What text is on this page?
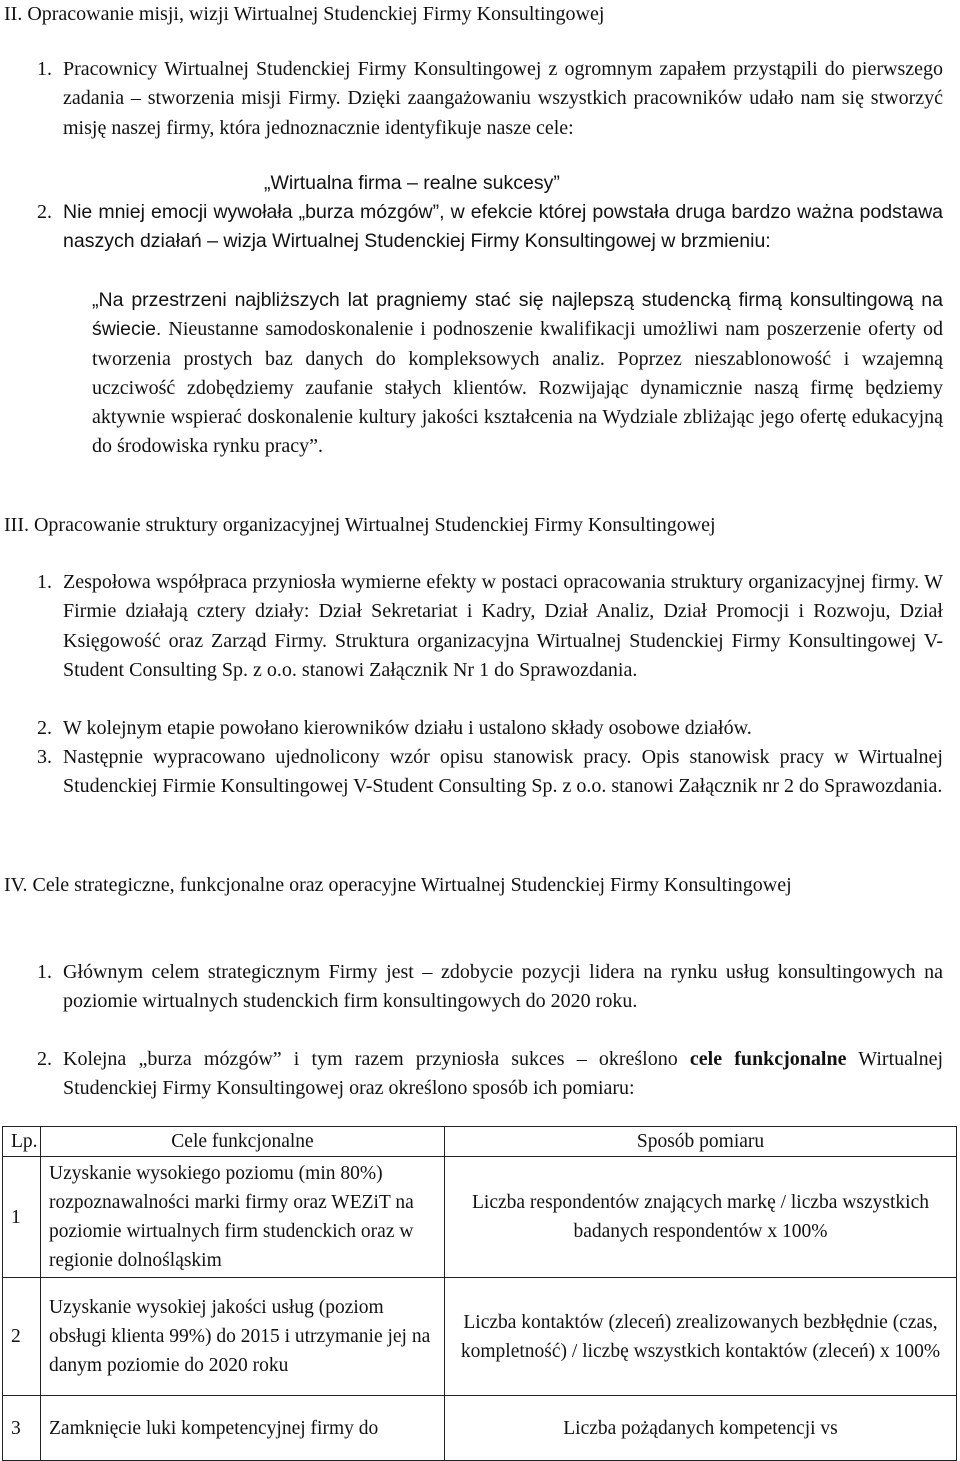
II. Opracowanie misji, wizji Wirtualnej Studenckiej Firmy Konsultingowej
1. Pracownicy Wirtualnej Studenckiej Firmy Konsultingowej z ogromnym zapałem przystąpili do pierwszego zadania – stworzenia misji Firmy. Dzięki zaangażowaniu wszystkich pracowników udało nam się stworzyć misję naszej firmy, która jednoznacznie identyfikuje nasze cele:
„Wirtualna firma – realne sukcesy”
2. Nie mniej emocji wywołała „burza mózgów”, w efekcie której powstała druga bardzo ważna podstawa naszych działań – wizja Wirtualnej Studenckiej Firmy Konsultingowej w brzmieniu:
„Na przestrzeni najbliższych lat pragniemy stać się najlepszą studencką firmą konsultingową na świecie. Nieustanne samodoskonalenie i podnoszenie kwalifikacji umożliwi nam poszerzenie oferty od tworzenia prostych baz danych do kompleksowych analiz. Poprzez nieszablonowość i wzajemną uczciwość zdobędziemy zaufanie stałych klientów. Rozwijając dynamicznie naszą firmę będziemy aktywnie wspierać doskonalenie kultury jakości kształcenia na Wydziale zbliżając jego ofertę edukacyjną do środowiska rynku pracy”.
III. Opracowanie struktury organizacyjnej Wirtualnej Studenckiej Firmy Konsultingowej
1. Zespołowa współpraca przyniosła wymierne efekty w postaci opracowania struktury organizacyjnej firmy. W Firmie działają cztery działy: Dział Sekretariat i Kadry, Dział Analiz, Dział Promocji i Rozwoju, Dział Księgowość oraz Zarząd Firmy. Struktura organizacyjna Wirtualnej Studenckiej Firmy Konsultingowej V-Student Consulting Sp. z o.o. stanowi Załącznik Nr 1 do Sprawozdania.
2. W kolejnym etapie powołano kierowników działu i ustalono składy osobowe działów.
3. Następnie wypracowano ujednolicony wzór opisu stanowisk pracy. Opis stanowisk pracy w Wirtualnej Studenckiej Firmie Konsultingowej V-Student Consulting Sp. z o.o. stanowi Załącznik nr 2 do Sprawozdania.
IV. Cele strategiczne, funkcjonalne oraz operacyjne Wirtualnej Studenckiej Firmy Konsultingowej
1. Głównym celem strategicznym Firmy jest – zdobycie pozycji lidera na rynku usług konsultingowych na poziomie wirtualnych studenckich firm konsultingowych do 2020 roku.
2. Kolejna „burza mózgów” i tym razem przyniosła sukces – określono cele funkcjonalne Wirtualnej Studenckiej Firmy Konsultingowej oraz określono sposób ich pomiaru:
Lp.	Cele funkcjonalne	Sposób pomiaru
1	Uzyskanie wysokiego poziomu (min 80%) rozpoznawalności marki firmy oraz WEZiT na poziomie wirtualnych firm studenckich oraz w regionie dolnośląskim	Liczba respondentów znających markę / liczba wszystkich badanych respondentów x 100%
2	Uzyskanie wysokiej jakości usług (poziom obsługi klienta 99%) do 2015 i utrzymanie jej na danym poziomie do 2020 roku	Liczba kontaktów (zleceń) zrealizowanych bezbłędnie (czas, kompletność) / liczbę wszystkich kontaktów (zleceń) x 100%
3	Zamknięcie luki kompetencyjnej firmy do	Liczba pożądanych kompetencji vs
